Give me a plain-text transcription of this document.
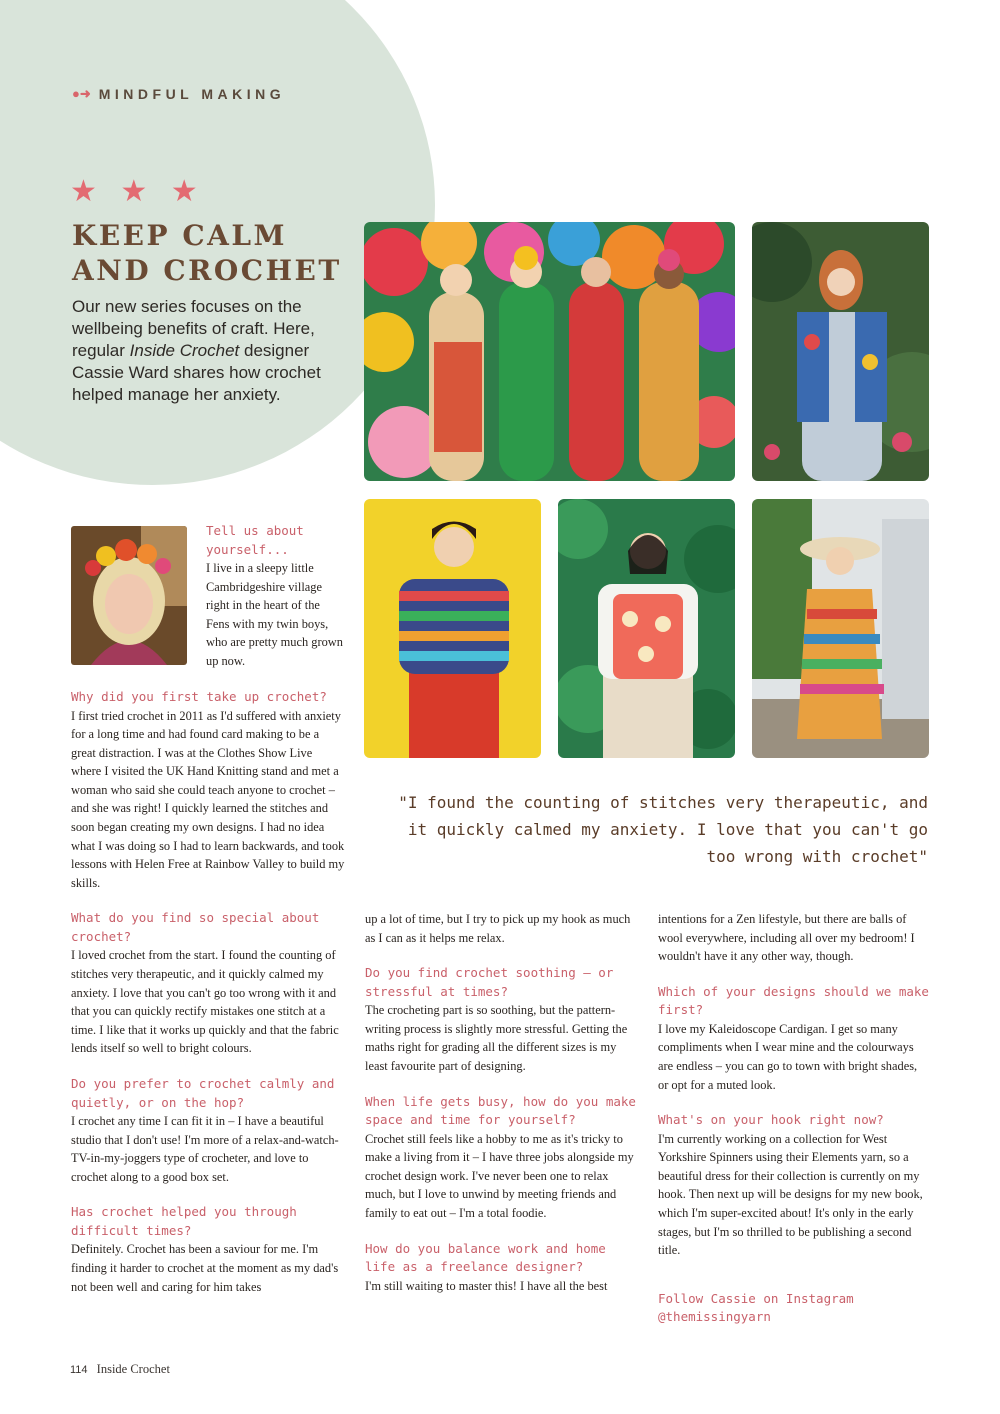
●➜ MINDFUL MAKING
★ ★ ★
KEEP CALM
AND CROCHET

Our new series focuses on the wellbeing benefits of craft. Here, regular Inside Crochet designer Cassie Ward shares how crochet helped manage her anxiety.

Tell us about yourself...

I live in a sleepy little Cambridgeshire village right in the heart of the Fens with my twin boys, who are pretty much grown up now.

Why did you first take up crochet?

I first tried crochet in 2011 as I'd suffered with anxiety for a long time and had found card making to be a great distraction. I was at the Clothes Show Live where I visited the UK Hand Knitting stand and met a woman who said she could teach anyone to crochet – and she was right! I quickly learned the stitches and soon began creating my own designs. I had no idea what I was doing so I had to learn backwards, and took lessons with Helen Free at Rainbow Valley to build my skills.

What do you find so special about crochet?

I loved crochet from the start. I found the counting of stitches very therapeutic, and it quickly calmed my anxiety. I love that you can't go too wrong with it and that you can quickly rectify mistakes one stitch at a time. I like that it works up quickly and that the fabric lends itself so well to bright colours.

Do you prefer to crochet calmly and quietly, or on the hop?

I crochet any time I can fit it in – I have a beautiful studio that I don't use! I'm more of a relax-and-watch-TV-in-my-joggers type of crocheter, and love to crochet along to a good box set.

Has crochet helped you through difficult times?

Definitely. Crochet has been a saviour for me. I'm finding it harder to crochet at the moment as my dad's not been well and caring for him takes

"I found the counting of stitches very therapeutic, and it quickly calmed my anxiety. I love that you can't go too wrong with crochet"

up a lot of time, but I try to pick up my hook as much as I can as it helps me relax.

Do you find crochet soothing – or stressful at times?

The crocheting part is so soothing, but the pattern-writing process is slightly more stressful. Getting the maths right for grading all the different sizes is my least favourite part of designing.

When life gets busy, how do you make space and time for yourself?

Crochet still feels like a hobby to me as it's tricky to make a living from it – I have three jobs alongside my crochet design work. I've never been one to relax much, but I love to unwind by meeting friends and family to eat out – I'm a total foodie.

How do you balance work and home life as a freelance designer?

I'm still waiting to master this! I have all the best

intentions for a Zen lifestyle, but there are balls of wool everywhere, including all over my bedroom! I wouldn't have it any other way, though.

Which of your designs should we make first?

I love my Kaleidoscope Cardigan. I get so many compliments when I wear mine and the colourways are endless – you can go to town with bright shades, or opt for a muted look.

What's on your hook right now?

I'm currently working on a collection for West Yorkshire Spinners using their Elements yarn, so a beautiful dress for their collection is currently on my hook. Then next up will be designs for my new book, which I'm super-excited about! It's only in the early stages, but I'm so thrilled to be publishing a second title.

Follow Cassie on Instagram

@themissingyarn

114 Inside Crochet
